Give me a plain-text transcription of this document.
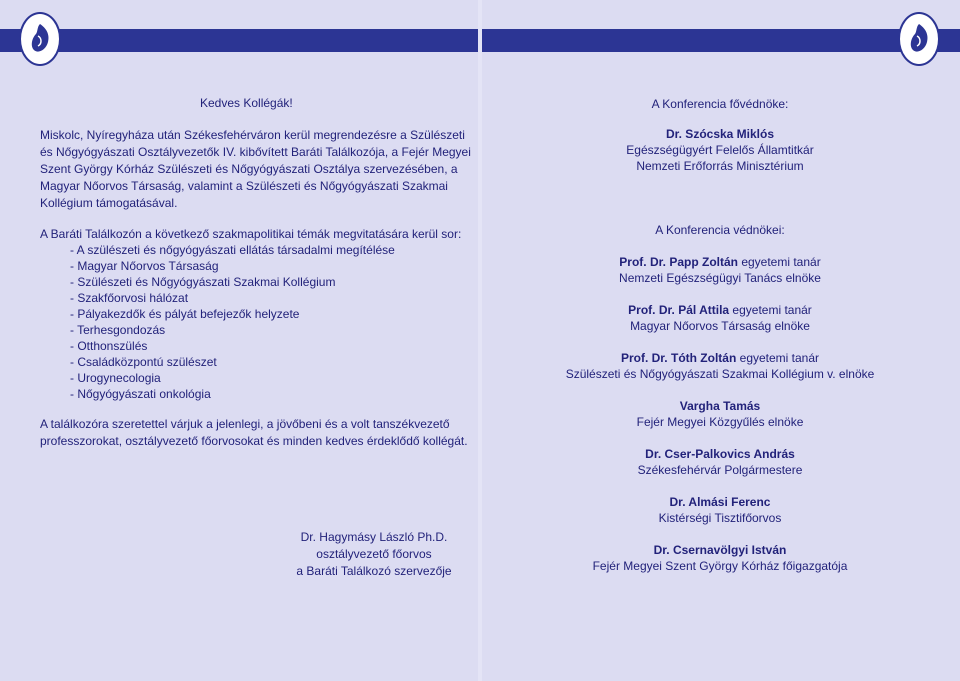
Kedves Kollégák!
Miskolc, Nyíregyháza után Székesfehérváron kerül megrendezésre a Szülészeti
és Nőgyógyászati Osztályvezetők IV. kibővített Baráti Találkozója, a Fejér Megyei
Szent György Kórház Szülészeti és Nőgyógyászati Osztálya szervezésében, a
Magyar Nőorvos Társaság, valamint a Szülészeti és Nőgyógyászati Szakmai
Kollégium támogatásával.
A Baráti Találkozón a következő szakmapolitikai témák megvitatására kerül sor:
- A szülészeti és nőgyógyászati ellátás társadalmi megítélése
- Magyar Nőorvos Társaság
- Szülészeti és Nőgyógyászati Szakmai Kollégium
- Szakfőorvosi hálózat
- Pályakezdők és pályát befejezők helyzete
- Terhesgondozás
- Otthonszülés
- Családközpontú szülészet
- Urogynecologia
- Nőgyógyászati onkológia
A találkozóra szeretettel várjuk a jelenlegi, a jövőbeni és a volt tanszékvezető
professzorokat, osztályvezető főorvosokat és minden kedves érdeklődő kollégát.
Dr. Hagymásy László Ph.D.
osztályvezető főorvos
a Baráti Találkozó szervezője
A Konferencia fővédnöke:
Dr. Szócska Miklós
Egészségügyért Felelős Államtitkár
Nemzeti Erőforrás Minisztérium
A Konferencia védnökei:
Prof. Dr. Papp Zoltán egyetemi tanár
Nemzeti Egészségügyi Tanács elnöke
Prof. Dr. Pál Attila egyetemi tanár
Magyar Nőorvos Társaság elnöke
Prof. Dr. Tóth Zoltán egyetemi tanár
Szülészeti és Nőgyógyászati Szakmai Kollégium v. elnöke
Vargha Tamás
Fejér Megyei Közgyűlés elnöke
Dr. Cser-Palkovics András
Székesfehérvár Polgármestere
Dr. Almási Ferenc
Kistérségi Tisztifőorvos
Dr. Csernavölgyi István
Fejér Megyei Szent György Kórház főigazgatója
